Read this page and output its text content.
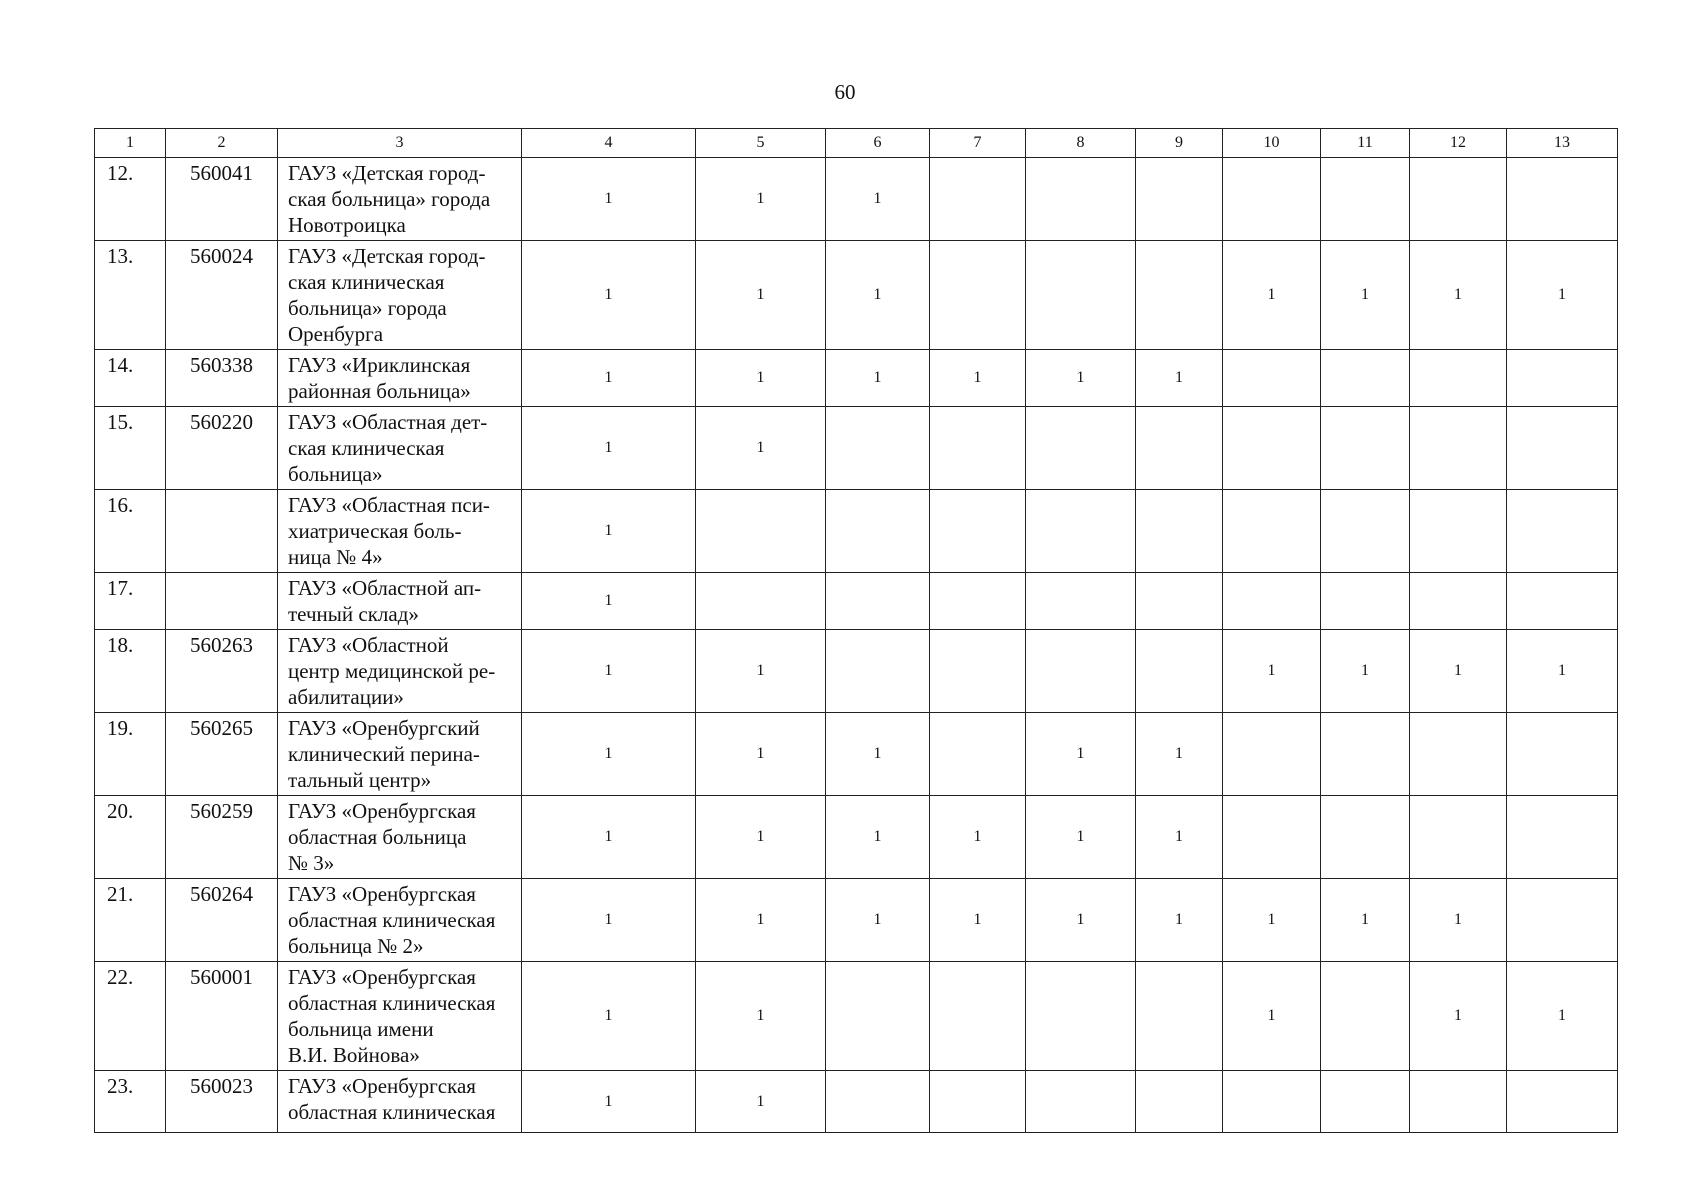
60
1	2	3	4	5	6	7	8	9	10	11	12	13
12.	560041	ГАУЗ «Детская город-
ская больница» города
Новотроицка	1	1	1							
13.	560024	ГАУЗ «Детская город-
ская клиническая
больница» города
Оренбурга	1	1	1				1	1	1	1
14.	560338	ГАУЗ «Ириклинская
районная больница»	1	1	1	1	1	1				
15.	560220	ГАУЗ «Областная дет-
ская клиническая
больница»	1	1								
16.		ГАУЗ «Областная пси-
хиатрическая боль-
ница № 4»	1									
17.		ГАУЗ «Областной ап-
течный склад»	1									
18.	560263	ГАУЗ «Областной
центр медицинской ре-
абилитации»	1	1					1	1	1	1
19.	560265	ГАУЗ «Оренбургский
клинический перина-
тальный центр»	1	1	1		1	1				
20.	560259	ГАУЗ «Оренбургская
областная больница
№ 3»	1	1	1	1	1	1				
21.	560264	ГАУЗ «Оренбургская
областная клиническая
больница № 2»	1	1	1	1	1	1	1	1	1	
22.	560001	ГАУЗ «Оренбургская
областная клиническая
больница имени
В.И. Войнова»	1	1					1		1	1
23.	560023	ГАУЗ «Оренбургская
областная клиническая	1	1								
